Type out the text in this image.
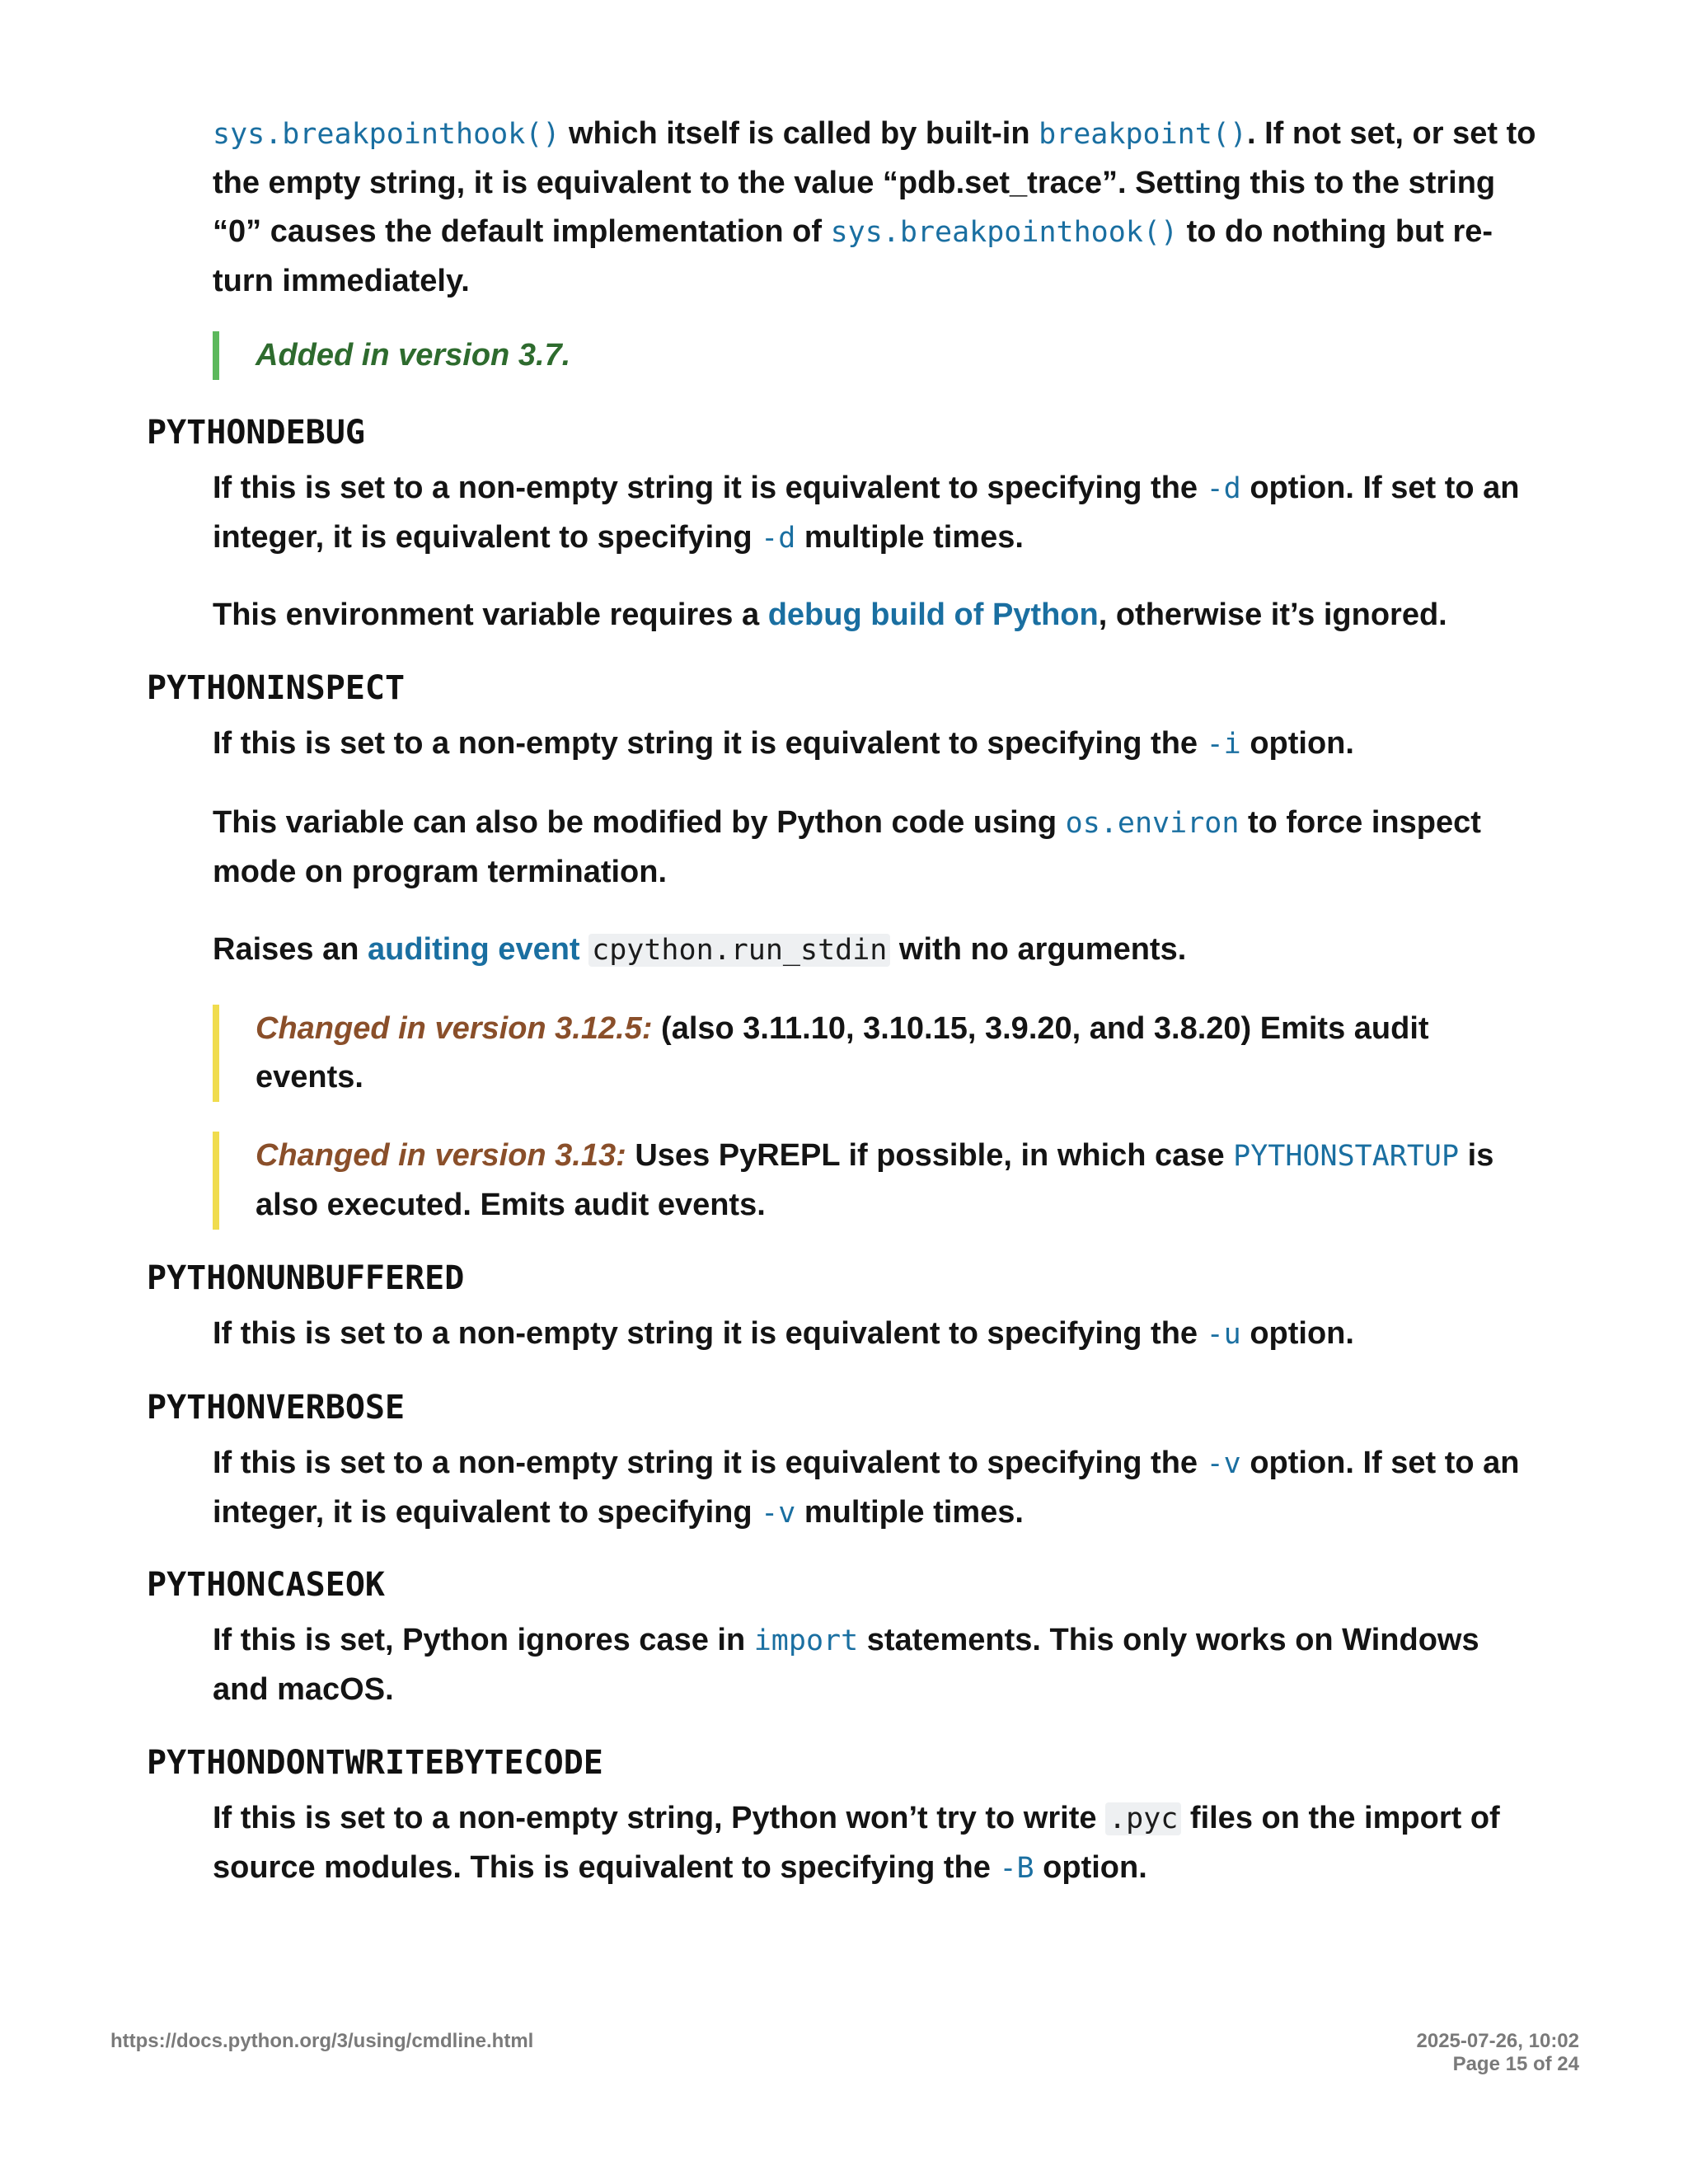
sys.breakpointhook() which itself is called by built-in breakpoint(). If not set, or set to the empty string, it is equivalent to the value “pdb.set_trace”. Setting this to the string “0” causes the default implementation of sys.breakpointhook() to do nothing but re-turn immediately.

Added in version 3.7.
PYTHONDEBUG

If this is set to a non-empty string it is equivalent to specifying the -d option. If set to an integer, it is equivalent to specifying -d multiple times.

This environment variable requires a debug build of Python, otherwise it’s ignored.

PYTHONINSPECT

If this is set to a non-empty string it is equivalent to specifying the -i option.

This variable can also be modified by Python code using os.environ to force inspect mode on program termination.

Raises an auditing event cpython.run_stdin with no arguments.

Changed in version 3.12.5: (also 3.11.10, 3.10.15, 3.9.20, and 3.8.20) Emits audit events.
Changed in version 3.13: Uses PyREPL if possible, in which case PYTHONSTARTUP is also executed. Emits audit events.
PYTHONUNBUFFERED

If this is set to a non-empty string it is equivalent to specifying the -u option.

PYTHONVERBOSE

If this is set to a non-empty string it is equivalent to specifying the -v option. If set to an integer, it is equivalent to specifying -v multiple times.

PYTHONCASEOK

If this is set, Python ignores case in import statements. This only works on Windows and macOS.

PYTHONDONTWRITEBYTECODE

If this is set to a non-empty string, Python won’t try to write .pyc files on the import of source modules. This is equivalent to specifying the -B option.

https://docs.python.org/3/using/cmdline.html	2025-07-26, 10:02
Page 15 of 24
